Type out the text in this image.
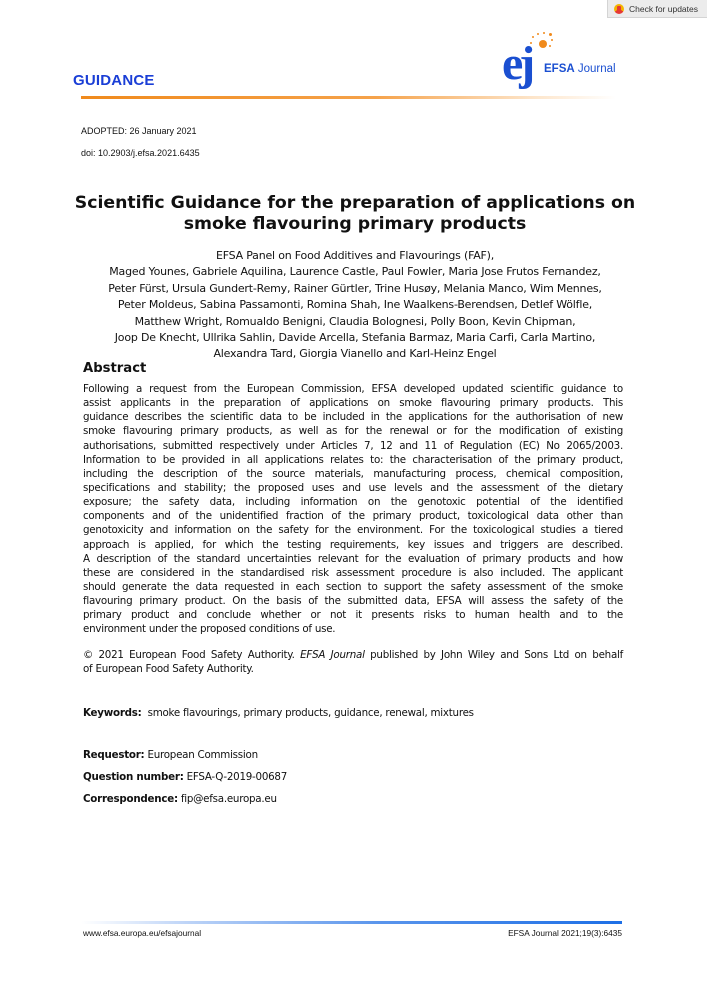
Check for updates
GUIDANCE	ej EFSA Journal
ADOPTED: 26 January 2021
doi: 10.2903/j.efsa.2021.6435
Scientific Guidance for the preparation of applications on
smoke flavouring primary products
EFSA Panel on Food Additives and Flavourings (FAF),
Maged Younes, Gabriele Aquilina, Laurence Castle, Paul Fowler, Maria Jose Frutos Fernandez,
Peter Fürst, Ursula Gundert-Remy, Rainer Gürtler, Trine Husøy, Melania Manco, Wim Mennes,
Peter Moldeus, Sabina Passamonti, Romina Shah, Ine Waalkens-Berendsen, Detlef Wölfle,
Matthew Wright, Romualdo Benigni, Claudia Bolognesi, Polly Boon, Kevin Chipman,
Joop De Knecht, Ullrika Sahlin, Davide Arcella, Stefania Barmaz, Maria Carfi, Carla Martino,
Alexandra Tard, Giorgia Vianello and Karl-Heinz Engel
Abstract
Following a request from the European Commission, EFSA developed updated scientific guidance to
assist applicants in the preparation of applications on smoke flavouring primary products. This
guidance describes the scientific data to be included in the applications for the authorisation of new
smoke flavouring primary products, as well as for the renewal or for the modification of existing
authorisations, submitted respectively under Articles 7, 12 and 11 of Regulation (EC) No 2065/2003.
Information to be provided in all applications relates to: the characterisation of the primary product,
including the description of the source materials, manufacturing process, chemical composition,
specifications and stability; the proposed uses and use levels and the assessment of the dietary
exposure; the safety data, including information on the genotoxic potential of the identified
components and of the unidentified fraction of the primary product, toxicological data other than
genotoxicity and information on the safety for the environment. For the toxicological studies a tiered
approach is applied, for which the testing requirements, key issues and triggers are described.
A description of the standard uncertainties relevant for the evaluation of primary products and how
these are considered in the standardised risk assessment procedure is also included. The applicant
should generate the data requested in each section to support the safety assessment of the smoke
flavouring primary product. On the basis of the submitted data, EFSA will assess the safety of the
primary product and conclude whether or not it presents risks to human health and to the
environment under the proposed conditions of use.
© 2021 European Food Safety Authority. EFSA Journal published by John Wiley and Sons Ltd on behalf
of European Food Safety Authority.
Keywords: smoke flavourings, primary products, guidance, renewal, mixtures
Requestor: European Commission
Question number: EFSA-Q-2019-00687
Correspondence: fip@efsa.europa.eu
www.efsa.europa.eu/efsajournal	EFSA Journal 2021;19(3):6435
